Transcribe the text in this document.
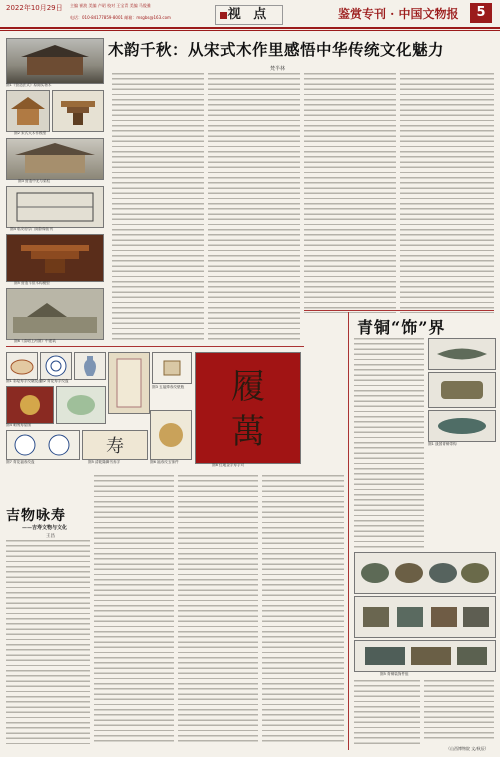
2022年10月29日 主编 崔波 美编 卢昭 校对 王宝青 美编 马俊雅
电话：010-84177859-8001 邮箱：msgbs@163.com	视 点	鉴赏专刊 · 中国文物报	5
木韵千秋：从宋式木作里感悟中华传统文化魅力
梵半林
图1《营造法式》原阁实物木
图2 宋式大木作模型
图3 营造中无与梁柱
图4 临安府学门阁影像拓刊
图5 营造斗拱木构模型
图6《清明上河图》中建筑
图1 彩绘寿字纹碗及盘
图2 青花寿字纹盘
图4 刺绣寿星图
图3 五福捧寿纹壁瓶 履
萬
图8 红地金字寿字对
寿
图7 青花福寿纹盘	图5 清乾隆御书寿字	图6 福寿纹玉饰件
吉物咏寿
——吉寿文物与文化
王昌
青铜“饰”界
图1 战国青铜带钩
图5 青铜装饰件组
（山西博物院 文/秋辰）
